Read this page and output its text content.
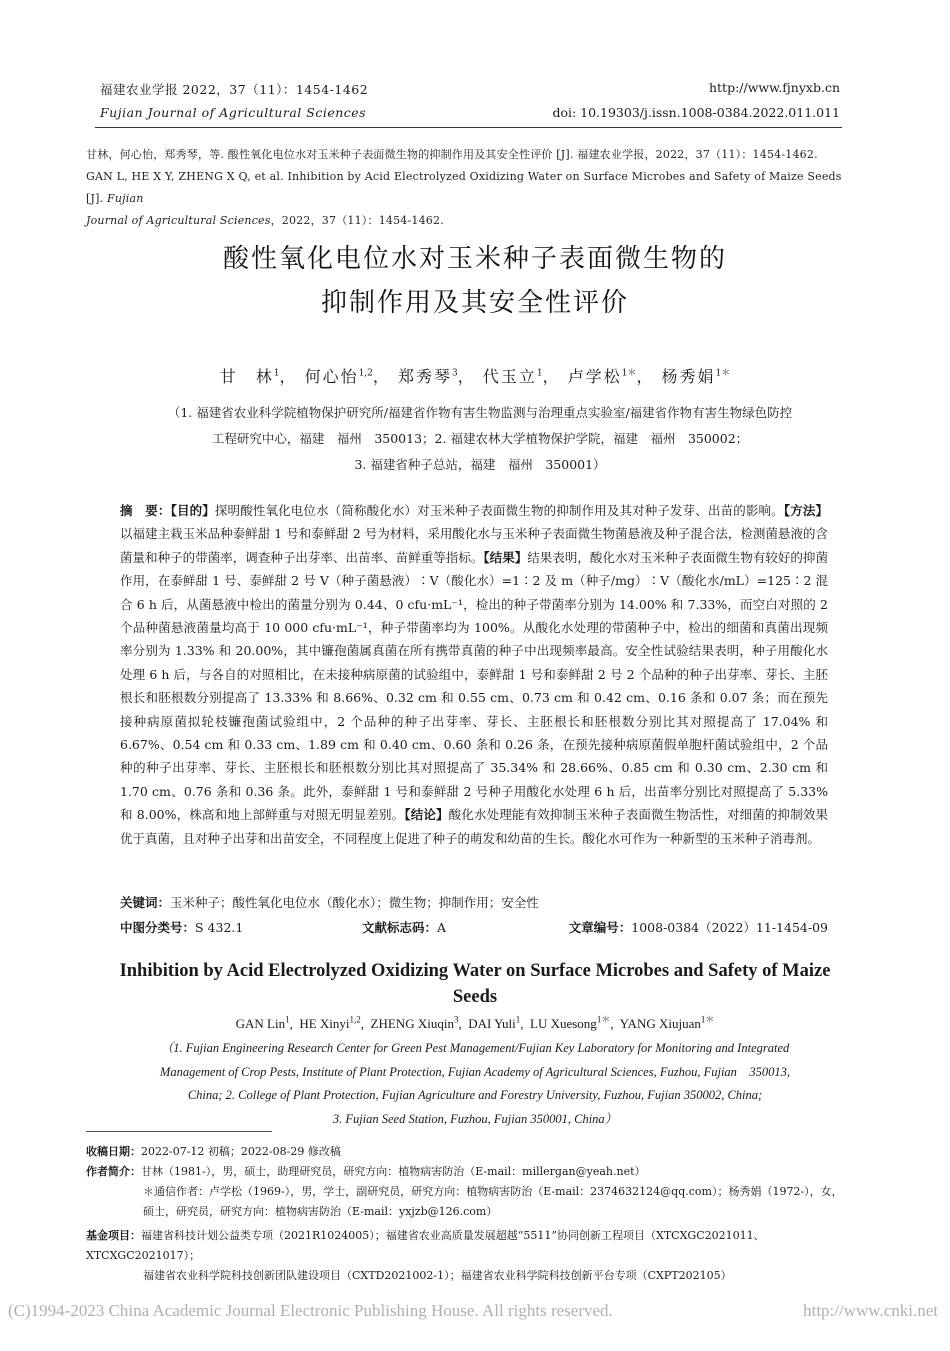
福建农业学报 2022，37（11）：1454-1462	http://www.fjnyxb.cn
Fujian Journal of Agricultural Sciences	doi: 10.19303/j.issn.1008-0384.2022.011.011
甘林，何心怡，郑秀琴，等. 酸性氧化电位水对玉米种子表面微生物的抑制作用及其安全性评价 [J]. 福建农业学报，2022，37（11）：1454-1462.
GAN L, HE X Y, ZHENG X Q, et al. Inhibition by Acid Electrolyzed Oxidizing Water on Surface Microbes and Safety of Maize Seeds [J]. Fujian
Journal of Agricultural Sciences，2022，37（11）：1454-1462.
酸性氧化电位水对玉米种子表面微生物的
抑制作用及其安全性评价
甘　林$^1$， 何心怡$^{1,2}$， 郑秀琴$^3$， 代玉立$^1$， 卢学松$^{1*}$， 杨秀娟$^{1*}$
（1. 福建省农业科学院植物保护研究所/福建省作物有害生物监测与治理重点实验室/福建省作物有害生物绿色防控
工程研究中心，福建　福州　350013；2. 福建农林大学植物保护学院，福建　福州　350002；
3. 福建省种子总站，福建　福州　350001）
摘　要：【目的】探明酸性氧化电位水（简称酸化水）对玉米种子表面微生物的抑制作用及其对种子发芽、出苗的影响。【方法】以福建主栽玉米品种泰鲜甜 1 号和泰鲜甜 2 号为材料，采用酸化水与玉米种子表面微生物菌悬液及种子混合法，检测菌悬液的含菌量和种子的带菌率，调查种子出芽率、出苗率、苗鲜重等指标。【结果】结果表明，酸化水对玉米种子表面微生物有较好的抑菌作用，在泰鲜甜 1 号、泰鲜甜 2 号 V（种子菌悬液）∶V（酸化水）=1∶2 及 m（种子/mg）∶V（酸化水/mL）=125∶2 混合 6 h 后，从菌悬液中检出的菌量分别为 0.44、0 cfu·mL⁻¹，检出的种子带菌率分别为 14.00% 和 7.33%，而空白对照的 2 个品种菌悬液菌量均高于 10 000 cfu·mL⁻¹，种子带菌率均为 100%。从酸化水处理的带菌种子中，检出的细菌和真菌出现频率分别为 1.33% 和 20.00%，其中镰孢菌属真菌在所有携带真菌的种子中出现频率最高。安全性试验结果表明，种子用酸化水处理 6 h 后，与各自的对照相比，在未接种病原菌的试验组中，泰鲜甜 1 号和泰鲜甜 2 号 2 个品种的种子出芽率、芽长、主胚根长和胚根数分别提高了 13.33% 和 8.66%、0.32 cm 和 0.55 cm、0.73 cm 和 0.42 cm、0.16 条和 0.07 条；而在预先接种病原菌拟轮枝镰孢菌试验组中，2 个品种的种子出芽率、芽长、主胚根长和胚根数分别比其对照提高了 17.04% 和 6.67%、0.54 cm 和 0.33 cm、1.89 cm 和 0.40 cm、0.60 条和 0.26 条，在预先接种病原菌假单胞杆菌试验组中，2 个品种的种子出芽率、芽长、主胚根长和胚根数分别比其对照提高了 35.34% 和 28.66%、0.85 cm 和 0.30 cm、2.30 cm 和 1.70 cm、0.76 条和 0.36 条。此外，泰鲜甜 1 号和泰鲜甜 2 号种子用酸化水处理 6 h 后，出苗率分别比对照提高了 5.33% 和 8.00%，株高和地上部鲜重与对照无明显差别。【结论】酸化水处理能有效抑制玉米种子表面微生物活性，对细菌的抑制效果优于真菌，且对种子出芽和出苗安全，不同程度上促进了种子的萌发和幼苗的生长。酸化水可作为一种新型的玉米种子消毒剂。
关键词：玉米种子；酸性氧化电位水（酸化水）；微生物；抑制作用；安全性
中图分类号：S 432.1	文献标志码：A	文章编号：1008-0384（2022）11-1454-09
Inhibition by Acid Electrolyzed Oxidizing Water on Surface Microbes and Safety of Maize Seeds
GAN Lin$^1$,  HE Xinyi$^{1,2}$,  ZHENG Xiuqin$^3$,  DAI Yuli$^1$,  LU Xuesong$^{1*}$,  YANG Xiujuan$^{1*}$
（1. Fujian Engineering Research Center for Green Pest Management/Fujian Key Laboratory for Monitoring and Integrated
Management of Crop Pests, Institute of Plant Protection, Fujian Academy of Agricultural Sciences, Fuzhou, Fujian　350013,
China; 2. College of Plant Protection, Fujian Agriculture and Forestry University, Fuzhou, Fujian 350002, China;
3. Fujian Seed Station, Fuzhou, Fujian 350001, China）
收稿日期：2022-07-12 初稿；2022-08-29 修改稿
作者简介：甘林（1981-），男，硕士，助理研究员，研究方向：植物病害防治（E-mail：millergan@yeah.net）
＊通信作者：卢学松（1969-），男，学士，副研究员，研究方向：植物病害防治（E-mail：2374632124@qq.com）；杨秀娟（1972-），女，
硕士，研究员，研究方向：植物病害防治（E-mail：yxjzb@126.com）
基金项目：福建省科技计划公益类专项（2021R1024005）；福建省农业高质量发展超越“5511”协同创新工程项目（XTCXGC2021011、XTCXGC2021017）；
福建省农业科学院科技创新团队建设项目（CXTD2021002-1）；福建省农业科学院科技创新平台专项（CXPT202105）
(C)1994-2023 China Academic Journal Electronic Publishing House. All rights reserved.	http://www.cnki.net
